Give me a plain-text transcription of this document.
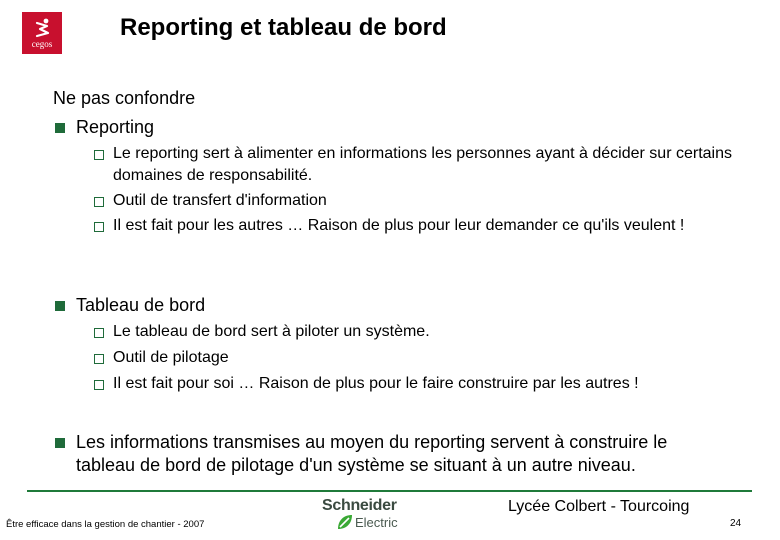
cegos
Reporting et tableau de bord
Ne pas confondre
Reporting
Le reporting sert à alimenter en informations les personnes ayant à décider sur certains domaines de responsabilité.
Outil de transfert d'information
Il est fait pour les autres … Raison de plus pour leur demander ce qu'ils veulent !
Tableau de bord
Le tableau de bord sert à piloter un système.
Outil de pilotage
Il est fait pour soi … Raison de plus pour le faire construire par les autres !
Les informations transmises au moyen du reporting servent à construire le tableau de bord de pilotage d'un système se situant à un autre niveau.
Schneider
Electric
Être efficace dans la gestion de chantier - 2007
Lycée Colbert - Tourcoing
24
